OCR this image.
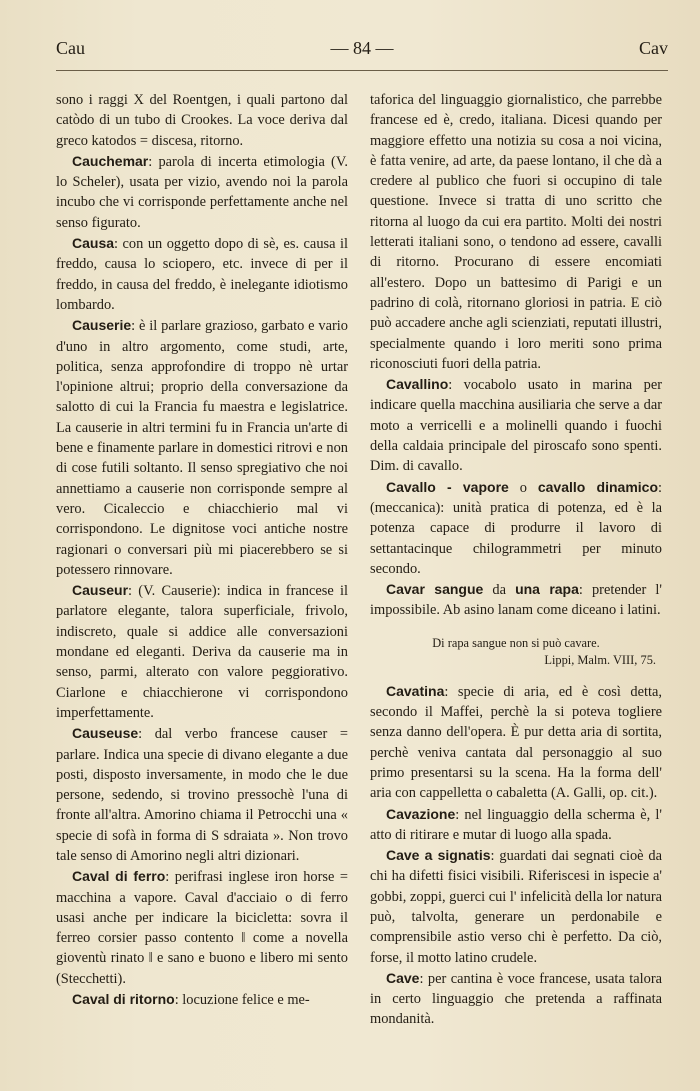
Cau	— 84 —	Cav

sono i raggi X del Roentgen, i quali partono dal catòdo di un tubo di Crookes. La voce deriva dal greco katodos = discesa, ritorno.

Cauchemar: parola di incerta etimologia (V. lo Scheler), usata per vizio, avendo noi la parola incubo che vi corrisponde perfettamente anche nel senso figurato.

Causa: con un oggetto dopo di sè, es. causa il freddo, causa lo sciopero, etc. invece di per il freddo, in causa del freddo, è inelegante idiotismo lombardo.

Causerie: è il parlare grazioso, garbato e vario d'uno in altro argomento, come studi, arte, politica, senza approfondire di troppo nè urtar l'opinione altrui; proprio della conversazione da salotto di cui la Francia fu maestra e legislatrice. La causerie in altri termini fu in Francia un'arte di bene e finamente parlare in domestici ritrovi e non di cose futili soltanto. Il senso spregiativo che noi annettiamo a causerie non corrisponde sempre al vero. Cicaleccio e chiacchierio mal vi corrispondono. Le dignitose voci antiche nostre ragionari o conversari più mi piacerebbero se si potessero rinnovare.

Causeur: (V. Causerie): indica in francese il parlatore elegante, talora superficiale, frivolo, indiscreto, quale si addice alle conversazioni mondane ed eleganti. Deriva da causerie ma in senso, parmi, alterato con valore peggiorativo. Ciarlone e chiacchierone vi corrispondono imperfettamente.

Causeuse: dal verbo francese causer = parlare. Indica una specie di divano elegante a due posti, disposto inversamente, in modo che le due persone, sedendo, si trovino pressochè l'una di fronte all'altra. Amorino chiama il Petrocchi una « specie di sofà in forma di S sdraiata ». Non trovo tale senso di Amorino negli altri dizionari.

Caval di ferro: perifrasi inglese iron horse = macchina a vapore. Caval d'acciaio o di ferro usasi anche per indicare la bicicletta: sovra il ferreo corsier passo contento ‖ come a novella gioventù rinato ‖ e sano e buono e libero mi sento (Stecchetti).

Caval di ritorno: locuzione felice e me-

taforica del linguaggio giornalistico, che parrebbe francese ed è, credo, italiana. Dicesi quando per maggiore effetto una notizia su cosa a noi vicina, è fatta venire, ad arte, da paese lontano, il che dà a credere al publico che fuori si occupino di tale questione. Invece si tratta di uno scritto che ritorna al luogo da cui era partito. Molti dei nostri letterati italiani sono, o tendono ad essere, cavalli di ritorno. Procurano di essere encomiati all'estero. Dopo un battesimo di Parigi e un padrino di colà, ritornano gloriosi in patria. E ciò può accadere anche agli scienziati, reputati illustri, specialmente quando i loro meriti sono prima riconosciuti fuori della patria.

Cavallino: vocabolo usato in marina per indicare quella macchina ausiliaria che serve a dar moto a verricelli e a molinelli quando i fuochi della caldaia principale del piroscafo sono spenti. Dim. di cavallo.

Cavallo - vapore o cavallo dinamico: (meccanica): unità pratica di potenza, ed è la potenza capace di produrre il lavoro di settantacinque chilogrammetri per minuto secondo.

Cavar sangue da una rapa: pretender l' impossibile. Ab asino lanam come diceano i latini.

Di rapa sangue non si può cavare.
Lippi, Malm. VIII, 75.

Cavatina: specie di aria, ed è così detta, secondo il Maffei, perchè la si poteva togliere senza danno dell'opera. È pur detta aria di sortita, perchè veniva cantata dal personaggio al suo primo presentarsi su la scena. Ha la forma dell' aria con cappelletta o cabaletta (A. Galli, op. cit.).

Cavazione: nel linguaggio della scherma è, l' atto di ritirare e mutar di luogo alla spada.

Cave a signatis: guardati dai segnati cioè da chi ha difetti fisici visibili. Riferiscesi in ispecie a' gobbi, zoppi, guerci cui l' infelicità della lor natura può, talvolta, generare un perdonabile e comprensibile astio verso chi è perfetto. Da ciò, forse, il motto latino crudele.

Cave: per cantina è voce francese, usata talora in certo linguaggio che pretenda a raffinata mondanità.
